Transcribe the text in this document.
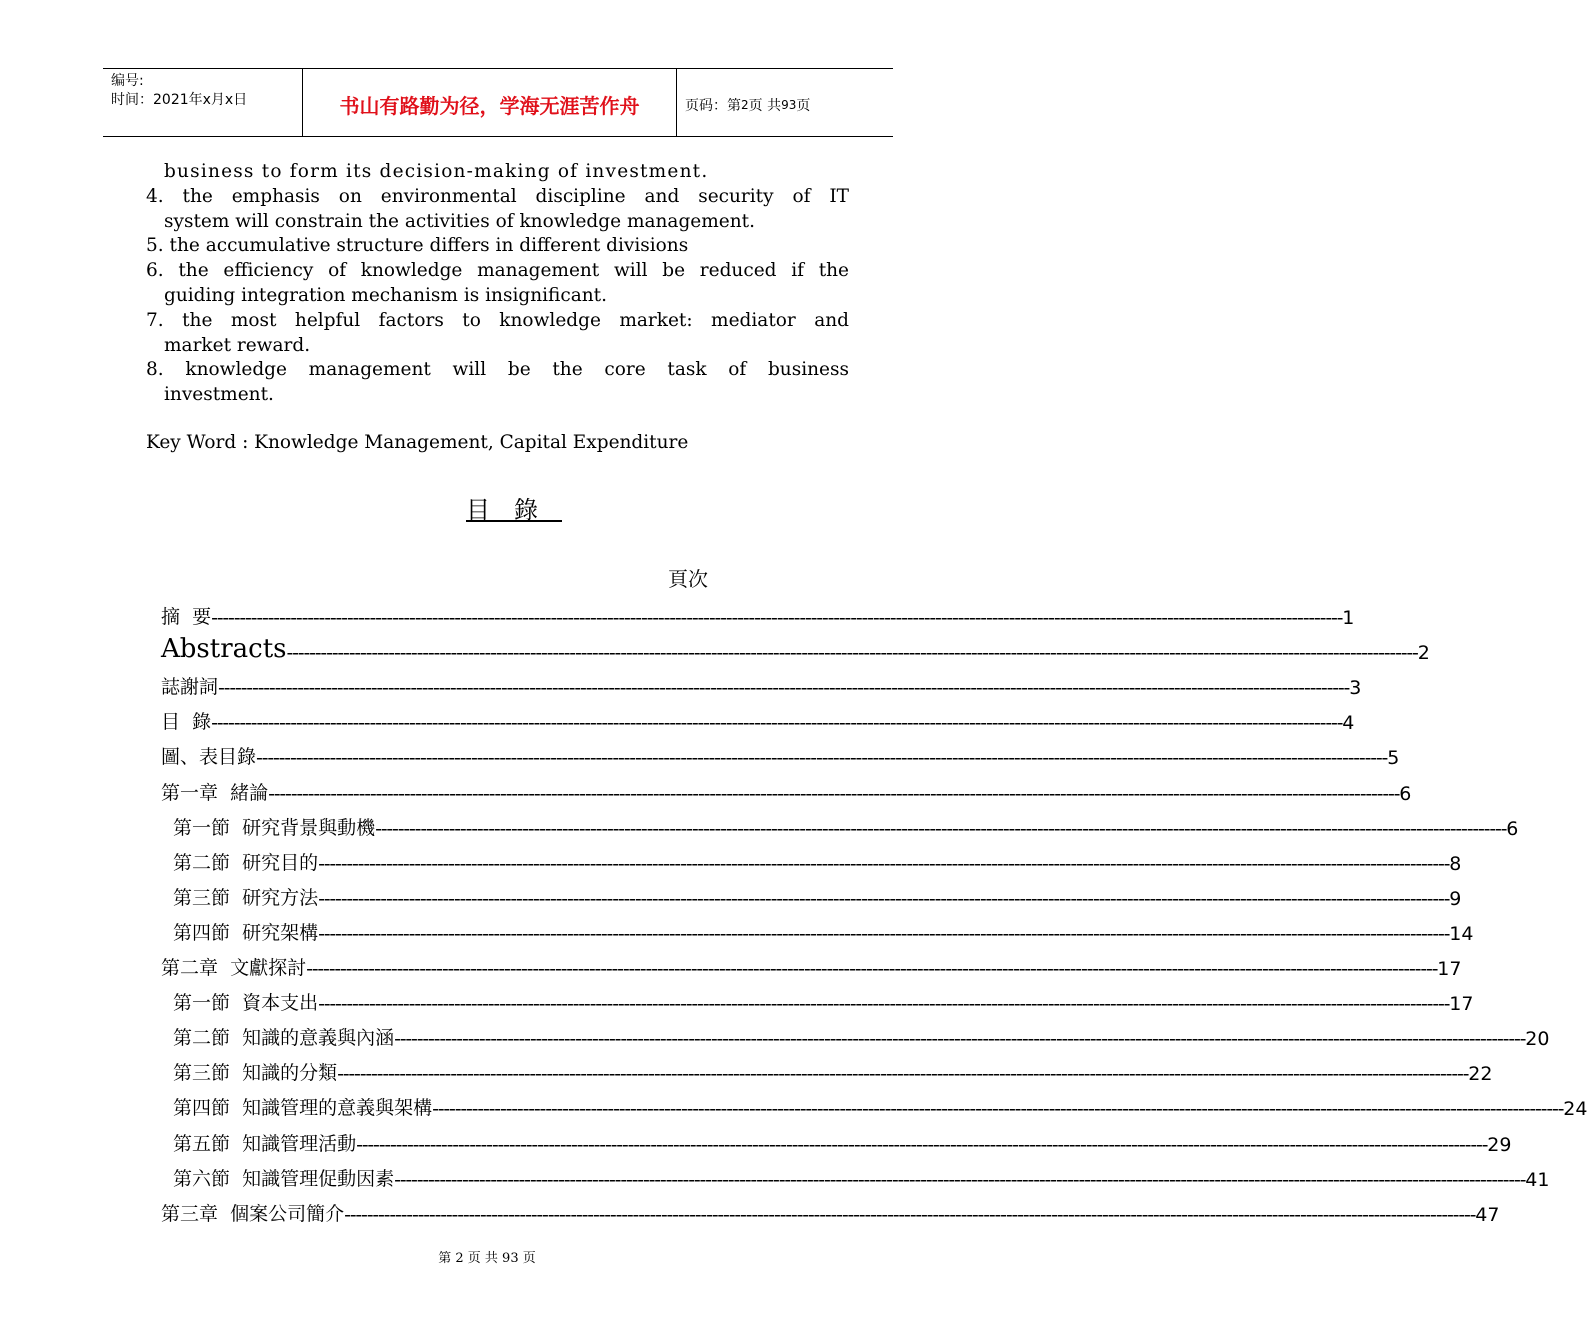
编号:
时间：2021年x月x日	书山有路勤为径，学海无涯苦作舟	页码：第 2 页 共 93 页
business to form its decision-making of investment.
4. the emphasis on environmental discipline and security of IT
system will constrain the activities of knowledge management.
5. the accumulative structure differs in different divisions
6. the efficiency of knowledge management will be reduced if the
guiding integration mechanism is insignificant.
7. the most helpful factors to knowledge market: mediator and
market reward.
8. knowledge management will be the core task of business
investment.
Key Word : Knowledge Management, Capital Expenditure
目錄
頁次
摘  要 -------------------------------------------------------------------------------------------------------------------------------------------------------------------------------------------------------- 1
Abstracts -------------------------------------------------------------------------------------------------------------------------------------------------------------------------------------------------------- 2
誌謝詞 -------------------------------------------------------------------------------------------------------------------------------------------------------------------------------------------------------- 3
目  錄 -------------------------------------------------------------------------------------------------------------------------------------------------------------------------------------------------------- 4
圖、表目錄 -------------------------------------------------------------------------------------------------------------------------------------------------------------------------------------------------------- 5
第一章  緒論 -------------------------------------------------------------------------------------------------------------------------------------------------------------------------------------------------------- 6
第一節  研究背景與動機 -------------------------------------------------------------------------------------------------------------------------------------------------------------------------------------------------------- 6
第二節  研究目的 -------------------------------------------------------------------------------------------------------------------------------------------------------------------------------------------------------- 8
第三節  研究方法 -------------------------------------------------------------------------------------------------------------------------------------------------------------------------------------------------------- 9
第四節  研究架構 -------------------------------------------------------------------------------------------------------------------------------------------------------------------------------------------------------- 14
第二章  文獻探討 -------------------------------------------------------------------------------------------------------------------------------------------------------------------------------------------------------- 17
第一節  資本支出 -------------------------------------------------------------------------------------------------------------------------------------------------------------------------------------------------------- 17
第二節  知識的意義與內涵 -------------------------------------------------------------------------------------------------------------------------------------------------------------------------------------------------------- 20
第三節  知識的分類 -------------------------------------------------------------------------------------------------------------------------------------------------------------------------------------------------------- 22
第四節  知識管理的意義與架構 -------------------------------------------------------------------------------------------------------------------------------------------------------------------------------------------------------- 24
第五節  知識管理活動 -------------------------------------------------------------------------------------------------------------------------------------------------------------------------------------------------------- 29
第六節  知識管理促動因素 -------------------------------------------------------------------------------------------------------------------------------------------------------------------------------------------------------- 41
第三章  個案公司簡介 -------------------------------------------------------------------------------------------------------------------------------------------------------------------------------------------------------- 47
第 2 页 共 93 页
